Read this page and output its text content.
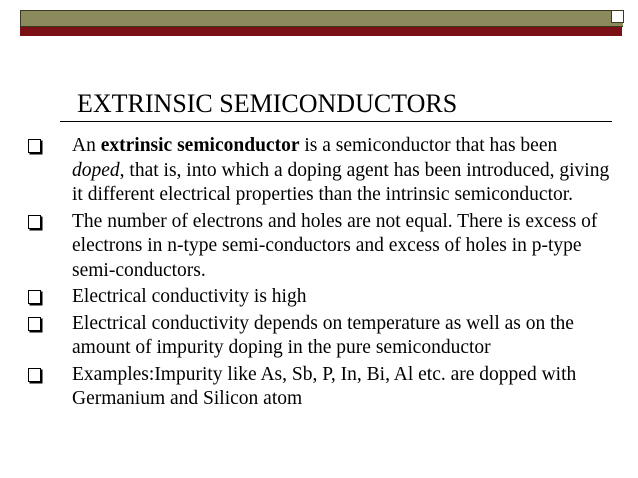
EXTRINSIC SEMICONDUCTORS
An extrinsic semiconductor is a semiconductor that has been doped, that is, into which a doping agent has been introduced, giving it different electrical properties than the intrinsic semiconductor.
The number of electrons and holes are not equal. There is excess of electrons in n-type semi-conductors and excess of holes in p-type semi-conductors.
Electrical conductivity is high
Electrical conductivity depends on temperature as well as on the amount of impurity doping in the pure semiconductor
Examples:Impurity like As, Sb, P, In, Bi, Al etc. are dopped with Germanium and Silicon atom
